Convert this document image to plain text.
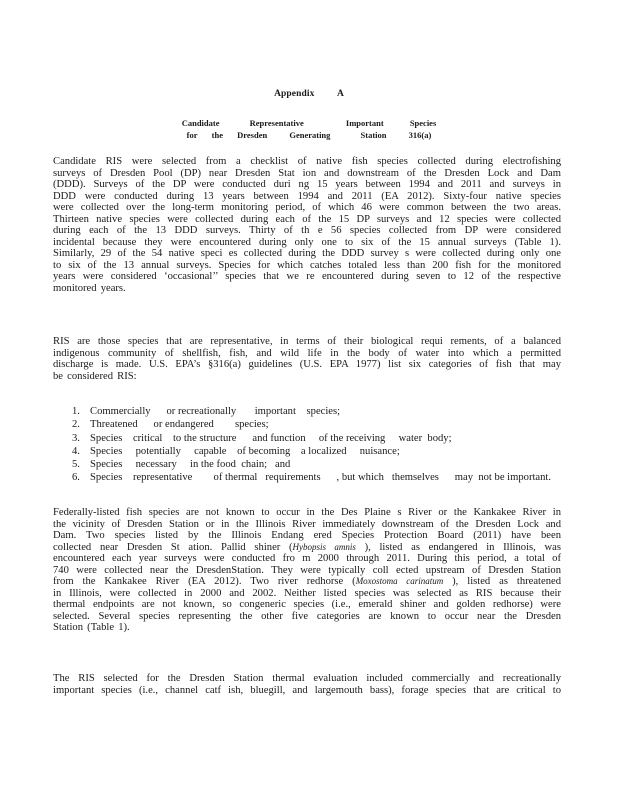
Appendix A
Candidate	Representative	Important	Species
for the Dresden	Generating	Station	316(a)
Candidate RIS were selected from a checklist of native fish species collected during electrofishing
surveys of Dresden Pool (DP) near Dresden Stat ion and downstream of the Dresden Lock and Dam
(DDD). Surveys of the DP were conducted duri ng 15 years between 1994 and 2011 and surveys in
DDD were conducted during 13 years between 1994 and 2011 (EA 2012). Sixty-four native species
were collected over the long-term monitoring period, of which 46 were common between the two areas.
Thirteen native species were collected during each of the 15 DP surveys and 12 species were collected
during each of the 13 DDD surveys. Thirty of th e 56 species collected from DP were considered
incidental because they were encountered during only one to six of the 15 annual surveys (Table 1).
Similarly, 29 of the 54 native speci es collected during the DDD survey s were collected during only one
to six of the 13 annual surveys. Species for which catches totaled less than 200 fish for the monitored
years were considered ‘occasional’’ species that we re encountered during seven to 12 of the respective
monitored years.
RIS are those species that are representative, in terms of their biological requi rements, of a balanced
indigenous community of shellfish, fish, and wild life in the body of water into which a permitted
discharge is made. U.S. EPA’s §316(a) guidelines (U.S. EPA 1977) list six categories of fish that may
be considered RIS:
1. Commercially      or recreationally       important    species;
2. Threatened      or endangered        species;
3. Species    critical    to the structure      and function     of the receiving     water  body;
4. Species     potentially     capable    of becoming    a localized     nuisance;
5. Species     necessary     in the food  chain;   and
6. Species    representative        of thermal   requirements      , but which   themselves      may  not be important.
Federally-listed fish species are not known to occur in the Des Plaine s River or the Kankakee River in
the vicinity of Dresden Station or in the Illinois River immediately downstream of the Dresden Lock and
Dam. Two species listed by the Illinois Endang ered Species Protection Board (2011) have been
collected near Dresden St ation. Pallid shiner (Hybopsis amnis ), listed as endangered in Illinois, was
encountered each year surveys were conducted fro m 2000 through 2011. During this period, a total of
740 were collected near the DresdenStation. They were typically coll ected upstream of Dresden Station
from the Kankakee River (EA 2012). Two river redhorse (Moxostoma carinatum ), listed as threatened
in Illinois, were collected in 2000 and 2002. Neither listed species was selected as RIS because their
thermal endpoints are not known, so congeneric species (i.e., emerald shiner and golden redhorse) were
selected. Several species representing the other five categories are known to occur near the Dresden
Station (Table 1).
The RIS selected for the Dresden Station thermal evaluation included commercially and recreationally
important species (i.e., channel catf ish, bluegill, and largemouth bass), forage species that are critical to
